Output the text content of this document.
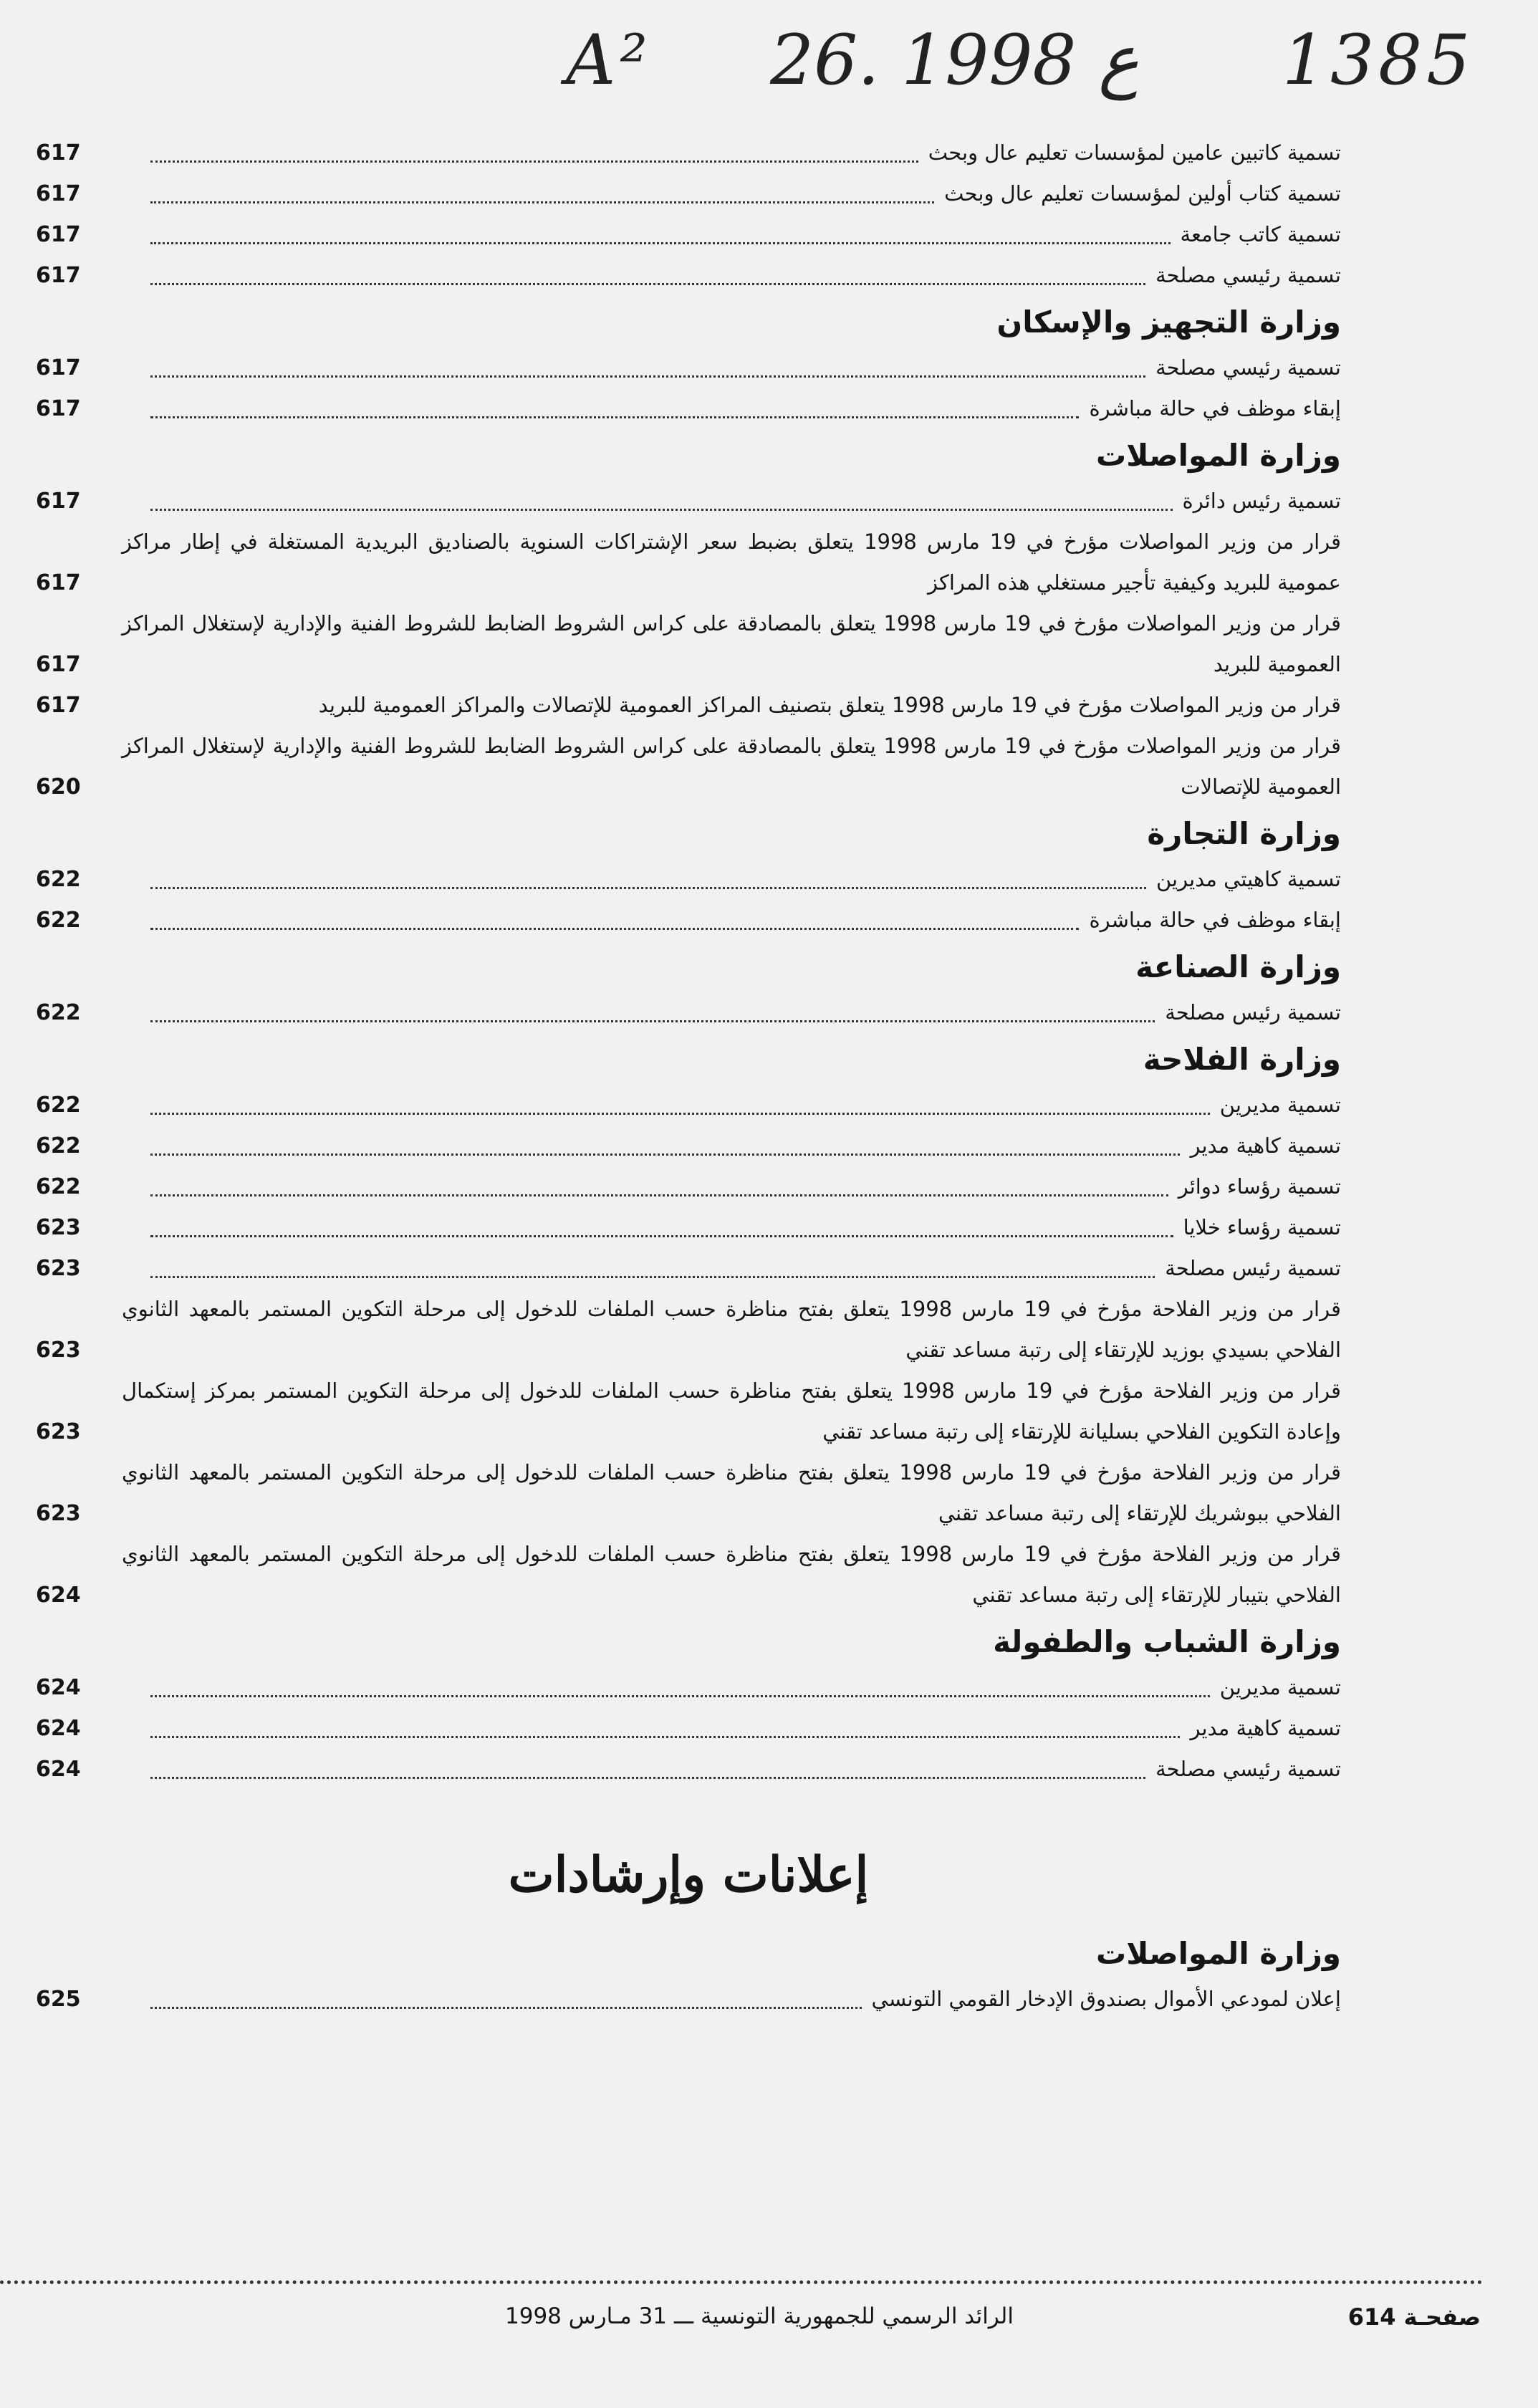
A² 26. ع 1998 1385
تسمية كاتبين عامين لمؤسسات تعليم عال وبحث
617
تسمية كتاب أولين لمؤسسات تعليم عال وبحث
617
تسمية كاتب جامعة
617
تسمية رئيسي مصلحة
617
وزارة التجهيز والإسكان
تسمية رئيسي مصلحة
617
إبقاء موظف في حالة مباشرة
617
وزارة المواصلات
تسمية رئيس دائرة
617
قرار من وزير المواصلات مؤرخ في 19 مارس 1998 يتعلق بضبط سعر الإشتراكات السنوية بالصناديق البريدية المستغلة في إطار مراكز عمومية للبريد وكيفية تأجير مستغلي هذه المراكز
617
قرار من وزير المواصلات مؤرخ في 19 مارس 1998 يتعلق بالمصادقة على كراس الشروط الضابط للشروط الفنية والإدارية لإستغلال المراكز العمومية للبريد
617
قرار من وزير المواصلات مؤرخ في 19 مارس 1998 يتعلق بتصنيف المراكز العمومية للإتصالات والمراكز العمومية للبريد
617
قرار من وزير المواصلات مؤرخ في 19 مارس 1998 يتعلق بالمصادقة على كراس الشروط الضابط للشروط الفنية والإدارية لإستغلال المراكز العمومية للإتصالات
620
وزارة التجارة
تسمية كاهيتي مديرين
622
إبقاء موظف في حالة مباشرة
622
وزارة الصناعة
تسمية رئيس مصلحة
622
وزارة الفلاحة
تسمية مديرين
622
تسمية كاهية مدير
622
تسمية رؤساء دوائر
622
تسمية رؤساء خلايا
623
تسمية رئيس مصلحة
623
قرار من وزير الفلاحة مؤرخ في 19 مارس 1998 يتعلق بفتح مناظرة حسب الملفات للدخول إلى مرحلة التكوين المستمر بالمعهد الثانوي الفلاحي بسيدي بوزيد للإرتقاء إلى رتبة مساعد تقني
623
قرار من وزير الفلاحة مؤرخ في 19 مارس 1998 يتعلق بفتح مناظرة حسب الملفات للدخول إلى مرحلة التكوين المستمر بمركز إستكمال وإعادة التكوين الفلاحي بسليانة للإرتقاء إلى رتبة مساعد تقني
623
قرار من وزير الفلاحة مؤرخ في 19 مارس 1998 يتعلق بفتح مناظرة حسب الملفات للدخول إلى مرحلة التكوين المستمر بالمعهد الثانوي الفلاحي ببوشريك للإرتقاء إلى رتبة مساعد تقني
623
قرار من وزير الفلاحة مؤرخ في 19 مارس 1998 يتعلق بفتح مناظرة حسب الملفات للدخول إلى مرحلة التكوين المستمر بالمعهد الثانوي الفلاحي بتيبار للإرتقاء إلى رتبة مساعد تقني
624
وزارة الشباب والطفولة
تسمية مديرين
624
تسمية كاهية مدير
624
تسمية رئيسي مصلحة
624
إعلانات وإرشادات
وزارة المواصلات
إعلان لمودعي الأموال بصندوق الإدخار القومي التونسي
625
صفحـة 614
الرائد الرسمي للجمهورية التونسية ـــ 31 مـارس 1998
